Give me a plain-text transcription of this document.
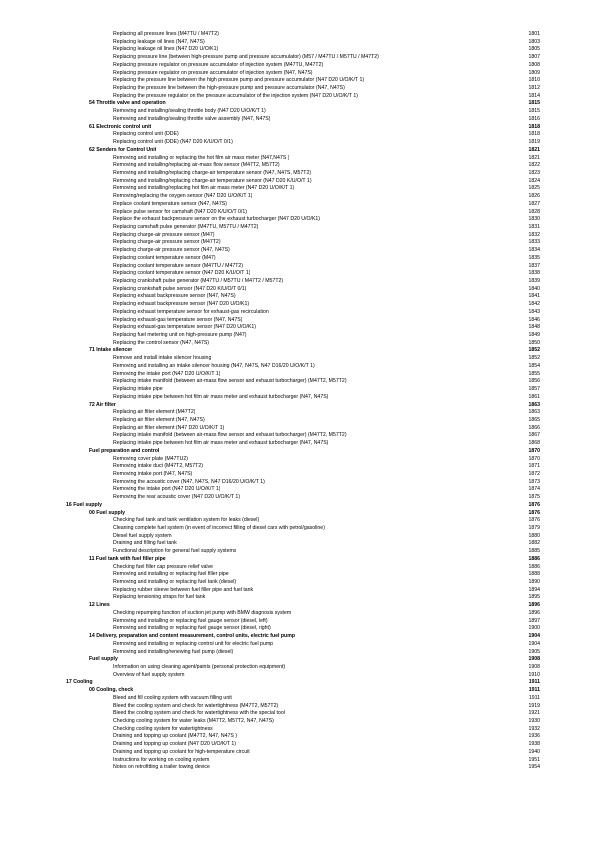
Replacing all pressure lines (M47TU / M47T2)	1801
Replacing leakage oil lines (N47, N47S)	1803
Replacing leakage oil lines (N47 D20 U/O/K1)	1805
Replacing pressure line (between high-pressure pump and pressure accumulator) (M57 / M47TU / M57TU / M47T2)	1807
Replacing pressure regulator on pressure accumulator of injection system (M47TU, M47T2)	1808
Replacing pressure regulator on pressure accumulator of injection system (N47, N47S)	1809
Replacing the pressure line between the high pressure pump and pressure accumulator (N47 D20 U/O/K/T 1)	1810
Replacing the pressure line between the high-pressure pump and pressure accumulator (N47, N47S)	1812
Replacing the pressure regulator on the pressure accumulator of the injection system (N47 D20 U/O/K/T 1)	1814
54 Throttle valve and operation	1815
Removing and installing/sealing throttle body (N47 D20 U/O/K/T 1)	1815
Removing and installing/sealing throttle valve assembly (N47, N47S)	1816
61 Electronic control unit	1818
Replacing control unit (DDE)	1818
Replacing control unit (DDE) (N47 D20 K/U/O/T 0/1)	1819
62 Senders for Control Unit	1821
Removing and installing or replacing the hot film air mass meter (N47,N47S )	1821
Removing and installing/replacing air-mass flow sensor (M47T2, M57T2)	1822
Removing and installing/replacing charge-air temperature sensor (N47, N47S, M57T2)	1823
Removing and installing/replacing charge-air temperature sensor (N47 D20 K/U/O/T 1)	1824
Removing and installing/replacing hot film air mass meter (N47 D20 U/O/K/T 1)	1825
Removing/replacing the oxygen sensor (N47 D20 U/O/K/T 1)	1826
Replace coolant temperature sensor (N47, N47S)	1827
Replace pulse sensor for camshaft (N47 D20 K/U/O/T 0/1)	1828
Replace the exhaust backpressure sensor on the exhaust turbocharger (N47 D20 U/O/K1)	1830
Replacing camshaft pulse generator (M47TU, M57TU / M47T2)	1831
Replacing charge-air pressure sensor (M47)	1832
Replacing charge-air pressure sensor (M47T2)	1833
Replacing charge-air pressure sensor (N47, N47S)	1834
Replacing coolant temperature sensor (M47)	1835
Replacing coolant temperature sensor (M47TU / M47T2)	1837
Replacing coolant temperature sensor (N47 D20 K/U/O/T 1)	1838
Replacing crankshaft pulse generator (M47TU / M57TU / M47T2 / M57T2)	1839
Replacing crankshaft pulse sensor (N47 D20 K/U/O/T 0/1)	1840
Replacing exhaust backpressure sensor (N47, N47S)	1841
Replacing exhaust backpressure sensor (N47 D20 U/O/K1)	1842
Replacing exhaust temperature sensor for exhaust-gas recirculation	1843
Replacing exhaust-gas temperature sensor (N47, N47S)	1846
Replacing exhaust-gas temperature sensor (N47 D20 U/O/K1)	1848
Replacing fuel metering unit on high-pressure pump (N47)	1849
Replacing the control sensor (N47, N47S)	1850
71 Intake silencer	1852
Remove and install intake silencer housing	1852
Removing and installing an intake silencer housing (N47, N47S, N47 D16/20 U/O/K/T 1)	1854
Removing the intake port (N47 D20 U/O/K/T 1)	1855
Replacing intake manifold (between air-mass flow sensor and exhaust turbocharger) (M47T2, M57T2)	1856
Replacing intake pipe	1857
Replacing intake pipe between hot film air mass meter and exhaust turbocharger (N47, N47S)	1861
72 Air filter	1863
Replacing air filter element (M47T2)	1863
Replacing air filter element (N47, N47S)	1865
Replacing air filter element (N47 D20 U/O/K/T 1)	1866
Replacing intake manifold (between air-mass flow sensor and exhaust turbocharger) (M47T2, M57T2)	1867
Replacing intake pipe between hot film air mass meter and exhaust turbocharger (N47, N47S)	1868
Fuel preparation and control	1870
Removing cover plate (M47TU2)	1870
Removing intake duct (M47T2, M57T2)	1871
Removing intake port (N47, N47S)	1872
Removing the acoustic cover (N47, N47S, N47 D16/20 U/O/K/T 1)	1873
Removing the intake port (N47 D20 U/O/K/T 1)	1874
Removing the rear acoustic cover (N47 D20 U/O/K/T 1)	1875
16 Fuel supply	1876
00 Fuel supply	1876
Checking fuel tank and tank ventilation system for leaks (diesel)	1876
Cleaning complete fuel system (in event of incorrect filling of diesel cars with petrol/gasoline)	1879
Diesel fuel supply system	1880
Draining and filling fuel tank	1882
Functional description for general fuel supply systems	1885
11 Fuel tank with fuel filler pipe	1886
Checking fuel filler cap pressure relief valve	1886
Removing and installing or replacing fuel filler pipe	1888
Removing and installing or replacing fuel tank (diesel)	1890
Replacing rubber sleeve between fuel filler pipe and fuel tank	1894
Replacing tensioning straps for fuel tank	1895
12 Lines	1896
Checking repumping function of suction jet pump with BMW diagnosis system	1896
Removing and installing or replacing fuel gauge sensor (diesel, left)	1897
Removing and installing or replacing fuel gauge sensor (diesel, right)	1900
14 Delivery, preparation and content measurement, control units, electric fuel pump	1904
Removing and installing or replacing control unit for electric fuel pump	1904
Removing and installing/renewing fuel pump (diesel)	1905
Fuel supply	1908
Information on using cleaning agent/paints (personal protection equipment)	1908
Overview of fuel supply system	1910
17 Cooling	1911
00 Cooling, check	1911
Bleed and fill cooling system with vacuum filling unit	1911
Bleed the cooling system and check for watertightness (M47T2, M57T2)	1919
Bleed the cooling system and check for watertightness with the special tool	1921
Checking cooling system for water leaks (M47T2, M57T2, N47, N47S)	1930
Checking cooling system for watertightness	1932
Draining and topping up coolant (M47T2, N47, N47S )	1936
Draining and topping up coolant (N47 D20 U/O/K/T 1)	1938
Draining and topping up coolant for high-temperature circuit	1940
Instructions for working on cooling system	1951
Notes on retrofitting a trailer towing device	1954
